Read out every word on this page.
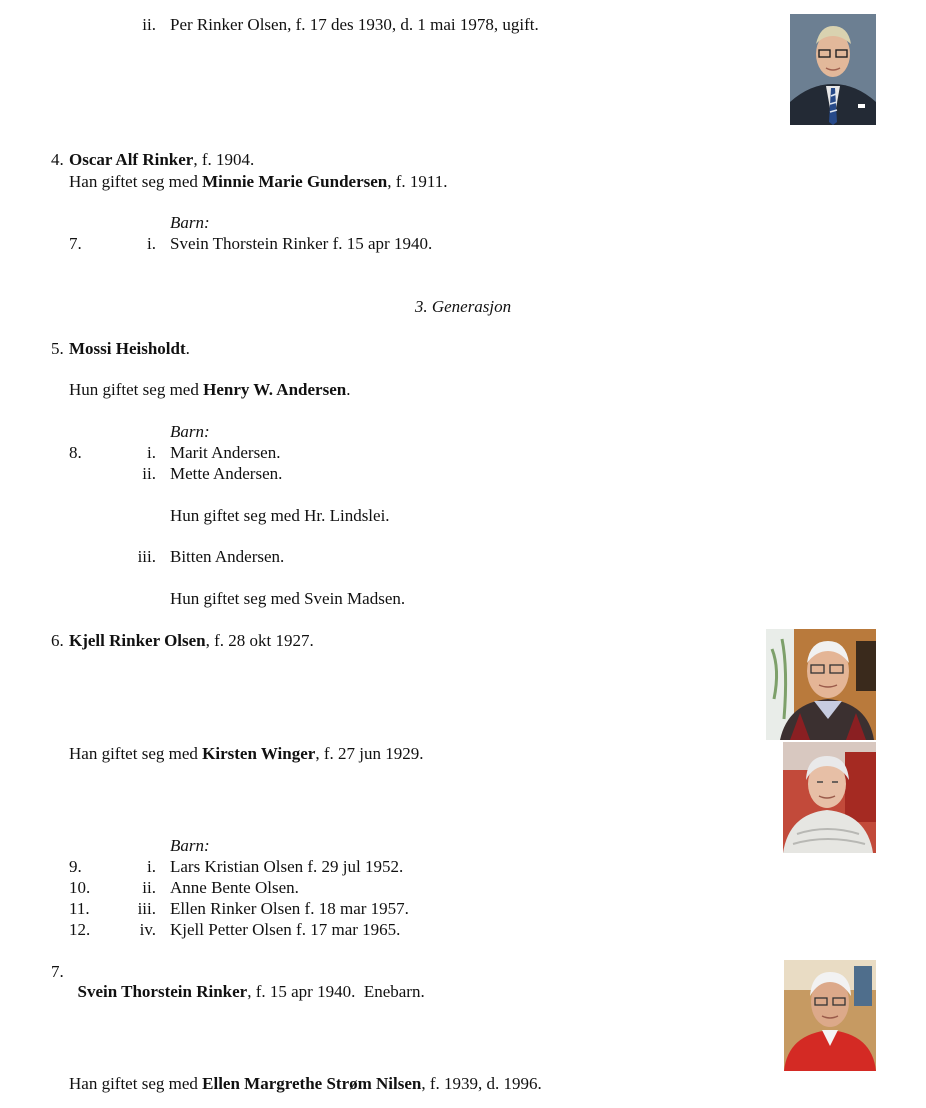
ii. Per Rinker Olsen, f. 17 des 1930, d. 1 mai 1978, ugift.
4. Oscar Alf Rinker, f. 1904.
Han giftet seg med Minnie Marie Gundersen, f. 1911.
Barn:
7.	i. Svein Thorstein Rinker f. 15 apr 1940.
3. Generasjon
5. Mossi Heisholdt.
Hun giftet seg med Henry W. Andersen.
Barn:
8.	i. Marit Andersen.
ii. Mette Andersen.
Hun giftet seg med Hr. Lindslei.
iii. Bitten Andersen.
Hun giftet seg med Svein Madsen.
6. Kjell Rinker Olsen, f. 28 okt 1927.
Han giftet seg med Kirsten Winger, f. 27 jun 1929.
Barn:
9.	i. Lars Kristian Olsen f. 29 jul 1952.
10.	ii. Anne Bente Olsen.
11.	iii. Ellen Rinker Olsen f. 18 mar 1957.
12.	iv. Kjell Petter Olsen f. 17 mar 1965.
7.

Svein Thorstein Rinker, f. 15 apr 1940.  Enebarn.

Han giftet seg med Ellen Margrethe Strøm Nilsen, f. 1939, d. 1996.
